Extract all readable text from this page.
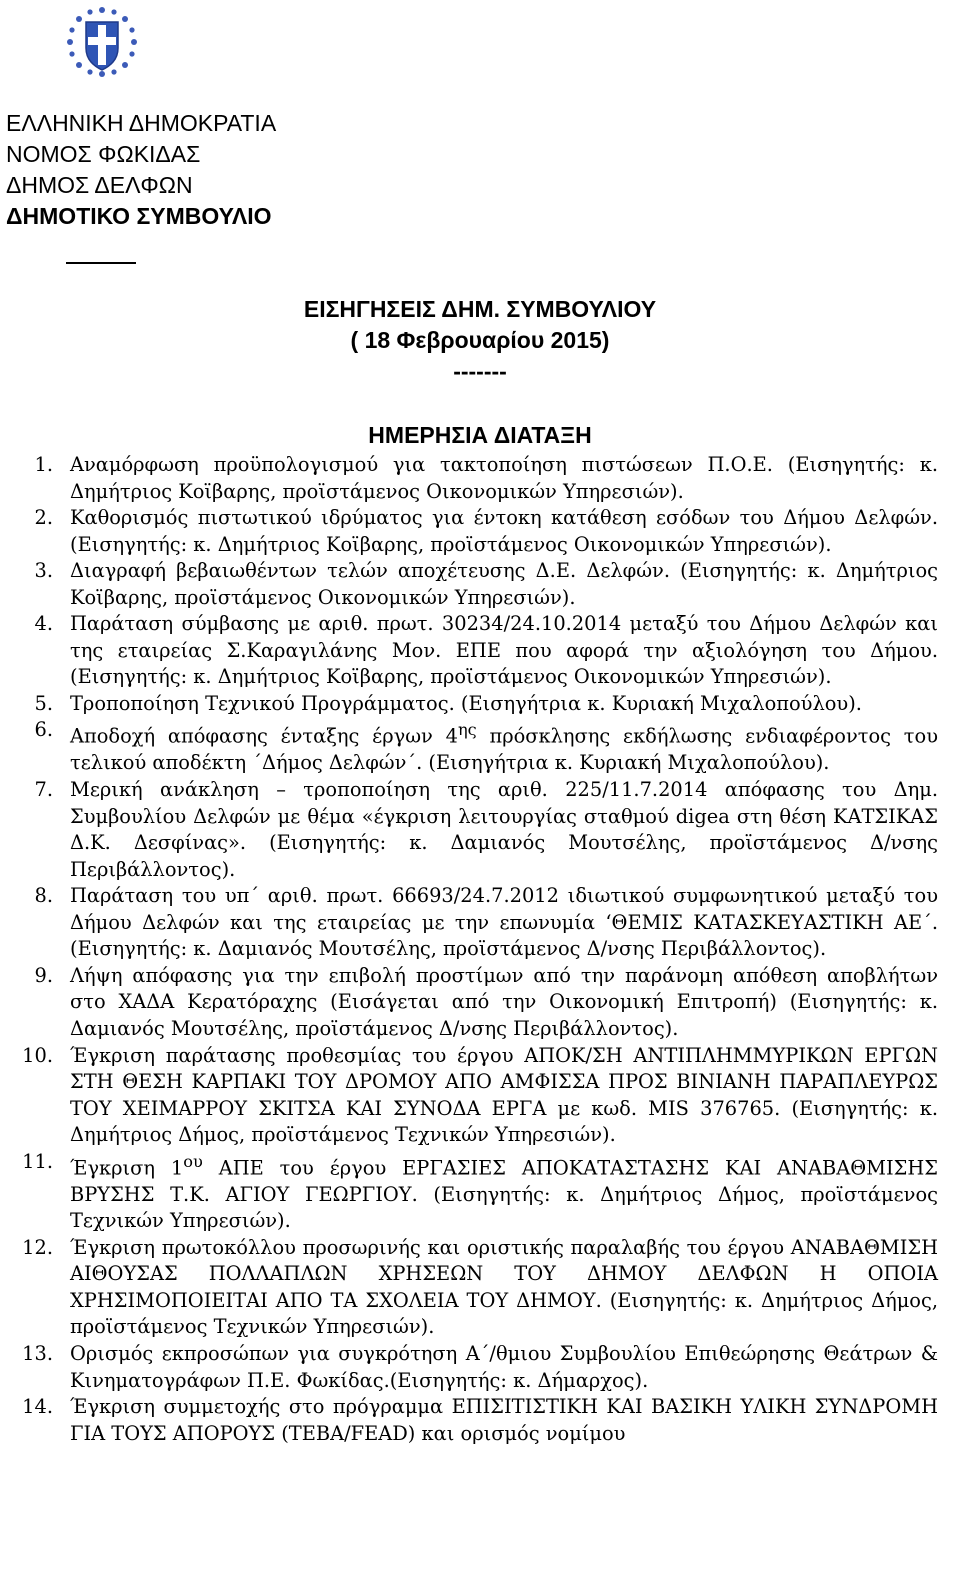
ΕΛΛΗΝΙΚΗ ΔΗΜΟΚΡΑΤΙΑ
ΝΟΜΟΣ ΦΩΚΙΔΑΣ
ΔΗΜΟΣ ΔΕΛΦΩΝ
ΔΗΜΟΤΙΚΟ ΣΥΜΒΟΥΛΙΟ
ΕΙΣΗΓΗΣΕΙΣ ΔΗΜ. ΣΥΜΒΟΥΛΙΟΥ
( 18 Φεβρουαρίου 2015)
-------
ΗΜΕΡΗΣΙΑ ΔΙΑΤΑΞΗ
1. Αναμόρφωση προϋπολογισμού για τακτοποίηση πιστώσεων Π.Ο.Ε. (Εισηγητής: κ. Δημήτριος Κοϊβαρης, προϊστάμενος Οικονομικών Υπηρεσιών).
2. Καθορισμός πιστωτικού ιδρύματος για έντοκη κατάθεση εσόδων του Δήμου Δελφών. (Εισηγητής: κ. Δημήτριος Κοϊβαρης, προϊστάμενος Οικονομικών Υπηρεσιών).
3. Διαγραφή βεβαιωθέντων τελών αποχέτευσης Δ.Ε. Δελφών. (Εισηγητής: κ. Δημήτριος Κοϊβαρης, προϊστάμενος Οικονομικών Υπηρεσιών).
4. Παράταση σύμβασης με αριθ. πρωτ. 30234/24.10.2014 μεταξύ του Δήμου Δελφών και της εταιρείας Σ.Καραγιλάνης Μον. ΕΠΕ που αφορά την αξιολόγηση του Δήμου. (Εισηγητής: κ. Δημήτριος Κοϊβαρης, προϊστάμενος Οικονομικών Υπηρεσιών).
5. Τροποποίηση Τεχνικού Προγράμματος. (Εισηγήτρια κ. Κυριακή Μιχαλοπούλου).
6. Αποδοχή απόφασης ένταξης έργων $4^{\eta\varsigma}$ πρόσκλησης εκδήλωσης ενδιαφέροντος του τελικού αποδέκτη ΄Δήμος Δελφών΄. (Εισηγήτρια κ. Κυριακή Μιχαλοπούλου).
7. Μερική ανάκληση – τροποποίηση της αριθ. 225/11.7.2014 απόφασης του Δημ. Συμβουλίου Δελφών με θέμα «έγκριση λειτουργίας σταθμού digea στη θέση ΚΑΤΣΙΚΑΣ Δ.Κ. Δεσφίνας». (Εισηγητής: κ. Δαμιανός Μουτσέλης, προϊστάμενος Δ/νσης Περιβάλλοντος).
8. Παράταση του υπ΄ αριθ. πρωτ. 66693/24.7.2012 ιδιωτικού συμφωνητικού μεταξύ του Δήμου Δελφών και της εταιρείας με την επωνυμία ‘ΘΕΜΙΣ ΚΑΤΑΣΚΕΥΑΣΤΙΚΗ ΑΕ΄.(Εισηγητής: κ. Δαμιανός Μουτσέλης, προϊστάμενος Δ/νσης Περιβάλλοντος).
9. Λήψη απόφασης για την επιβολή προστίμων από την παράνομη απόθεση αποβλήτων στο ΧΑΔΑ Κερατόραχης (Εισάγεται από την Οικονομική Επιτροπή) (Εισηγητής: κ. Δαμιανός Μουτσέλης, προϊστάμενος Δ/νσης Περιβάλλοντος).
10. Έγκριση παράτασης προθεσμίας του έργου ΑΠΟΚ/ΣΗ ΑΝΤΙΠΛΗΜΜΥΡΙΚΩΝ ΕΡΓΩΝ ΣΤΗ ΘΕΣΗ ΚΑΡΠΑΚΙ ΤΟΥ ΔΡΟΜΟΥ ΑΠΟ ΑΜΦΙΣΣΑ ΠΡΟΣ ΒΙΝΙΑΝΗ ΠΑΡΑΠΛΕΥΡΩΣ ΤΟΥ ΧΕΙΜΑΡΡΟΥ ΣΚΙΤΣΑ ΚΑΙ ΣΥΝΟΔΑ ΕΡΓΑ με κωδ. MIS 376765. (Εισηγητής: κ. Δημήτριος Δήμος, προϊστάμενος Τεχνικών Υπηρεσιών).
11. Έγκριση $1^{o\upsilon}$ ΑΠΕ του έργου ΕΡΓΑΣΙΕΣ ΑΠΟΚΑΤΑΣΤΑΣΗΣ ΚΑΙ ΑΝΑΒΑΘΜΙΣΗΣ ΒΡΥΣΗΣ Τ.Κ. ΑΓΙΟΥ ΓΕΩΡΓΙΟΥ. (Εισηγητής: κ. Δημήτριος Δήμος, προϊστάμενος Τεχνικών Υπηρεσιών).
12. Έγκριση πρωτοκόλλου προσωρινής και οριστικής παραλαβής του έργου ΑΝΑΒΑΘΜΙΣΗ ΑΙΘΟΥΣΑΣ ΠΟΛΛΑΠΛΩΝ ΧΡΗΣΕΩΝ ΤΟΥ ΔΗΜΟΥ ΔΕΛΦΩΝ Η ΟΠΟΙΑ ΧΡΗΣΙΜΟΠΟΙΕΙΤΑΙ ΑΠΟ ΤΑ ΣΧΟΛΕΙΑ ΤΟΥ ΔΗΜΟΥ. (Εισηγητής: κ. Δημήτριος Δήμος, προϊστάμενος Τεχνικών Υπηρεσιών).
13. Ορισμός εκπροσώπων για συγκρότηση Α΄/θμιου Συμβουλίου Επιθεώρησης Θεάτρων & Κινηματογράφων Π.Ε. Φωκίδας.(Εισηγητής: κ. Δήμαρχος).
14. Έγκριση συμμετοχής στο πρόγραμμα ΕΠΙΣΙΤΙΣΤΙΚΗ ΚΑΙ ΒΑΣΙΚΗ ΥΛΙΚΗ ΣΥΝΔΡΟΜΗ ΓΙΑ ΤΟΥΣ ΑΠΟΡΟΥΣ (ΤΕΒΑ/FEAD) και ορισμός νομίμου
